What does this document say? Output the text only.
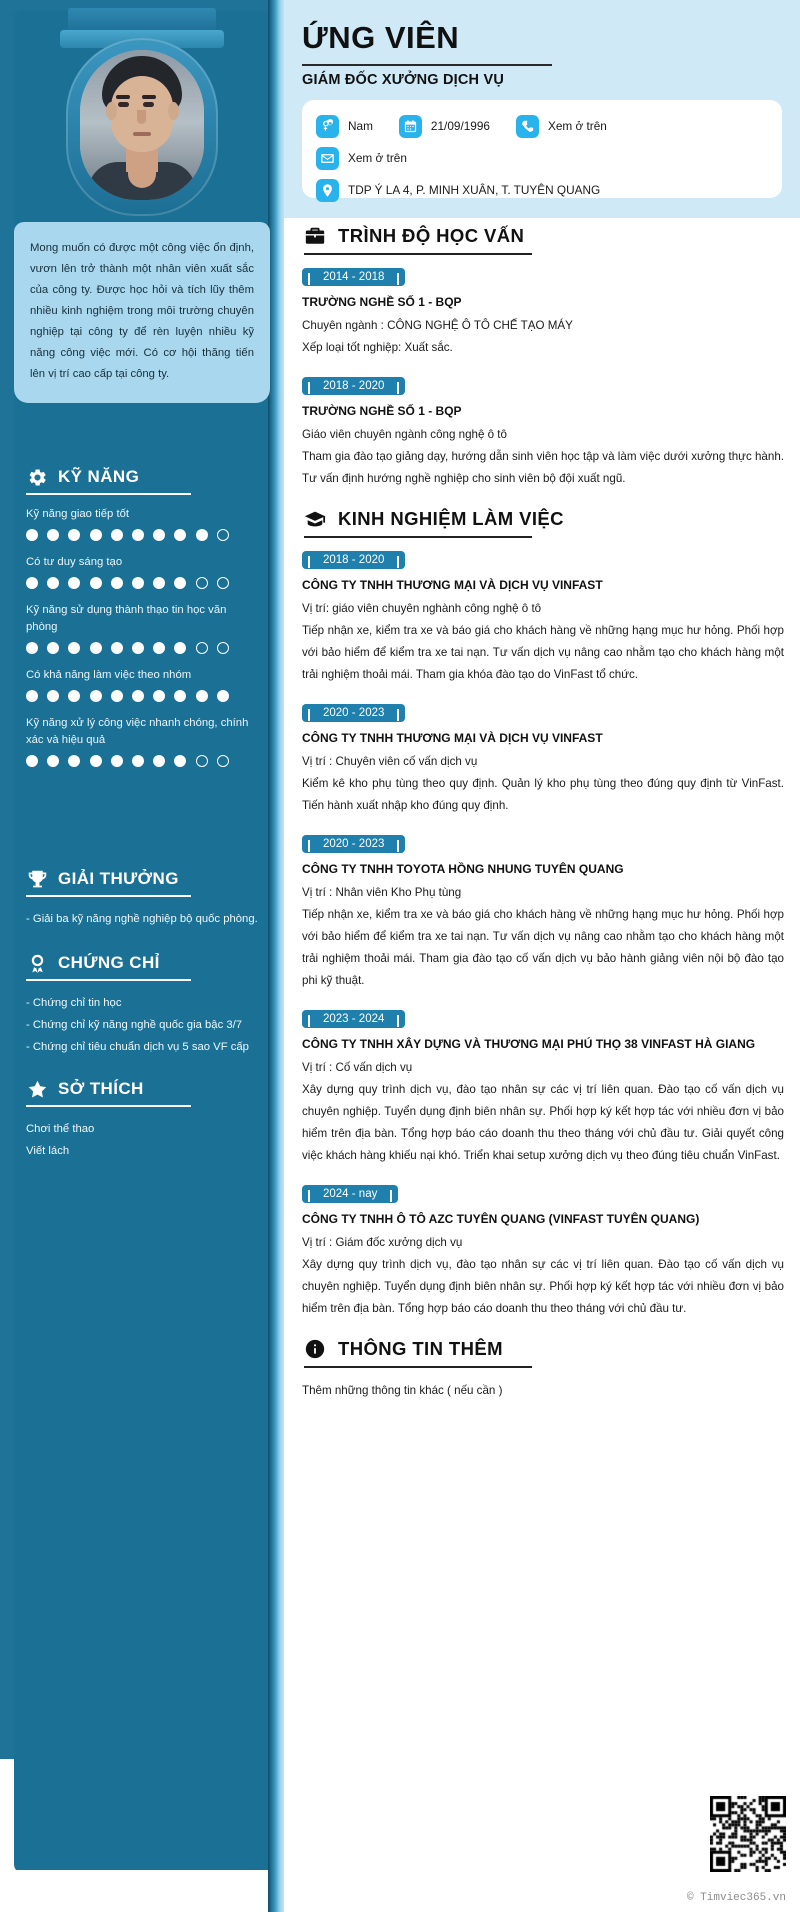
Mong muốn có được một công việc ổn định, vươn lên trở thành một nhân viên xuất sắc của công ty. Được học hỏi và tích lũy thêm nhiều kinh nghiệm trong môi trường chuyên nghiệp tại công ty để rèn luyện nhiều kỹ năng công việc mới. Có cơ hội thăng tiến lên vị trí cao cấp tại công ty.
KỸ NĂNG
Kỹ năng giao tiếp tốt
Có tư duy sáng tạo
Kỹ năng sử dụng thành thạo tin học văn phòng
Có khả năng làm việc theo nhóm
Kỹ năng xử lý công việc nhanh chóng, chính xác và hiệu quả
GIẢI THƯỞNG
- Giải ba kỹ năng nghề nghiệp bộ quốc phòng.
CHỨNG CHỈ
- Chứng chỉ tin học
- Chứng chỉ kỹ năng nghề quốc gia bậc 3/7
- Chứng chỉ tiêu chuẩn dịch vụ 5 sao VF cấp
SỞ THÍCH
Chơi thể thao
Viết lách
ỨNG VIÊN
GIÁM ĐỐC XƯỞNG DỊCH VỤ
Nam	21/09/1996	Xem ở trên
Xem ở trên
TDP Ý LA 4, P. MINH XUÂN, T. TUYÊN QUANG
TRÌNH ĐỘ HỌC VẤN
2014 - 2018
TRƯỜNG NGHỀ SỐ 1 - BQP
Chuyên ngành : CÔNG NGHỆ Ô TÔ CHẾ TẠO MÁY
Xếp loại tốt nghiệp: Xuất sắc.
2018 - 2020
TRƯỜNG NGHỀ SỐ 1 - BQP
Giáo viên chuyên ngành công nghệ ô tô
Tham gia đào tạo giảng dạy, hướng dẫn sinh viên học tập và làm việc dưới xưởng thực hành. Tư vấn định hướng nghề nghiệp cho sinh viên bộ đội xuất ngũ.
KINH NGHIỆM LÀM VIỆC
2018 - 2020
CÔNG TY TNHH THƯƠNG MẠI VÀ DỊCH VỤ VINFAST
Vị trí: giáo viên chuyên nghành công nghệ ô tô
Tiếp nhận xe, kiểm tra xe và báo giá cho khách hàng về những hạng mục hư hỏng. Phối hợp với bảo hiểm để kiểm tra xe tai nạn. Tư vấn dịch vụ nâng cao nhằm tạo cho khách hàng một trải nghiệm thoải mái. Tham gia khóa đào tạo do VinFast tổ chức.
2020 - 2023
CÔNG TY TNHH THƯƠNG MẠI VÀ DỊCH VỤ VINFAST
Vị trí : Chuyên viên cố vấn dịch vụ
Kiểm kê kho phụ tùng theo quy định. Quản lý kho phụ tùng theo đúng quy định từ VinFast. Tiến hành xuất nhập kho đúng quy định.
2020 - 2023
CÔNG TY TNHH TOYOTA HỒNG NHUNG TUYÊN QUANG
Vị trí : Nhân viên Kho Phụ tùng
Tiếp nhận xe, kiểm tra xe và báo giá cho khách hàng về những hạng mục hư hỏng. Phối hợp với bảo hiểm để kiểm tra xe tai nạn. Tư vấn dịch vụ nâng cao nhằm tạo cho khách hàng một trải nghiệm thoải mái. Tham gia đào tạo cố vấn dịch vụ bảo hành giảng viên nội bộ đào tạo phi kỹ thuật.
2023 - 2024
CÔNG TY TNHH XÂY DỰNG VÀ THƯƠNG MẠI PHÚ THỌ 38 VINFAST HÀ GIANG
Vị trí : Cố vấn dịch vụ
Xây dựng quy trình dịch vụ, đào tạo nhân sự các vị trí liên quan. Đào tạo cố vấn dịch vụ chuyên nghiệp. Tuyển dụng định biên nhân sự. Phối hợp ký kết hợp tác với nhiều đơn vị bảo hiểm trên địa bàn. Tổng hợp báo cáo doanh thu theo tháng với chủ đầu tư. Giải quyết công việc khách hàng khiếu nại khó. Triển khai setup xưởng dịch vụ theo đúng tiêu chuẩn VinFast.
2024 - nay
CÔNG TY TNHH Ô TÔ AZC TUYÊN QUANG (VINFAST TUYÊN QUANG)
Vị trí : Giám đốc xưởng dịch vụ
Xây dựng quy trình dịch vụ, đào tạo nhân sự các vị trí liên quan. Đào tạo cố vấn dịch vụ chuyên nghiệp. Tuyển dụng định biên nhân sự. Phối hợp ký kết hợp tác với nhiều đơn vị bảo hiểm trên địa bàn. Tổng hợp báo cáo doanh thu theo tháng với chủ đầu tư.
THÔNG TIN THÊM
Thêm những thông tin khác ( nếu cần )
© Timviec365.vn
